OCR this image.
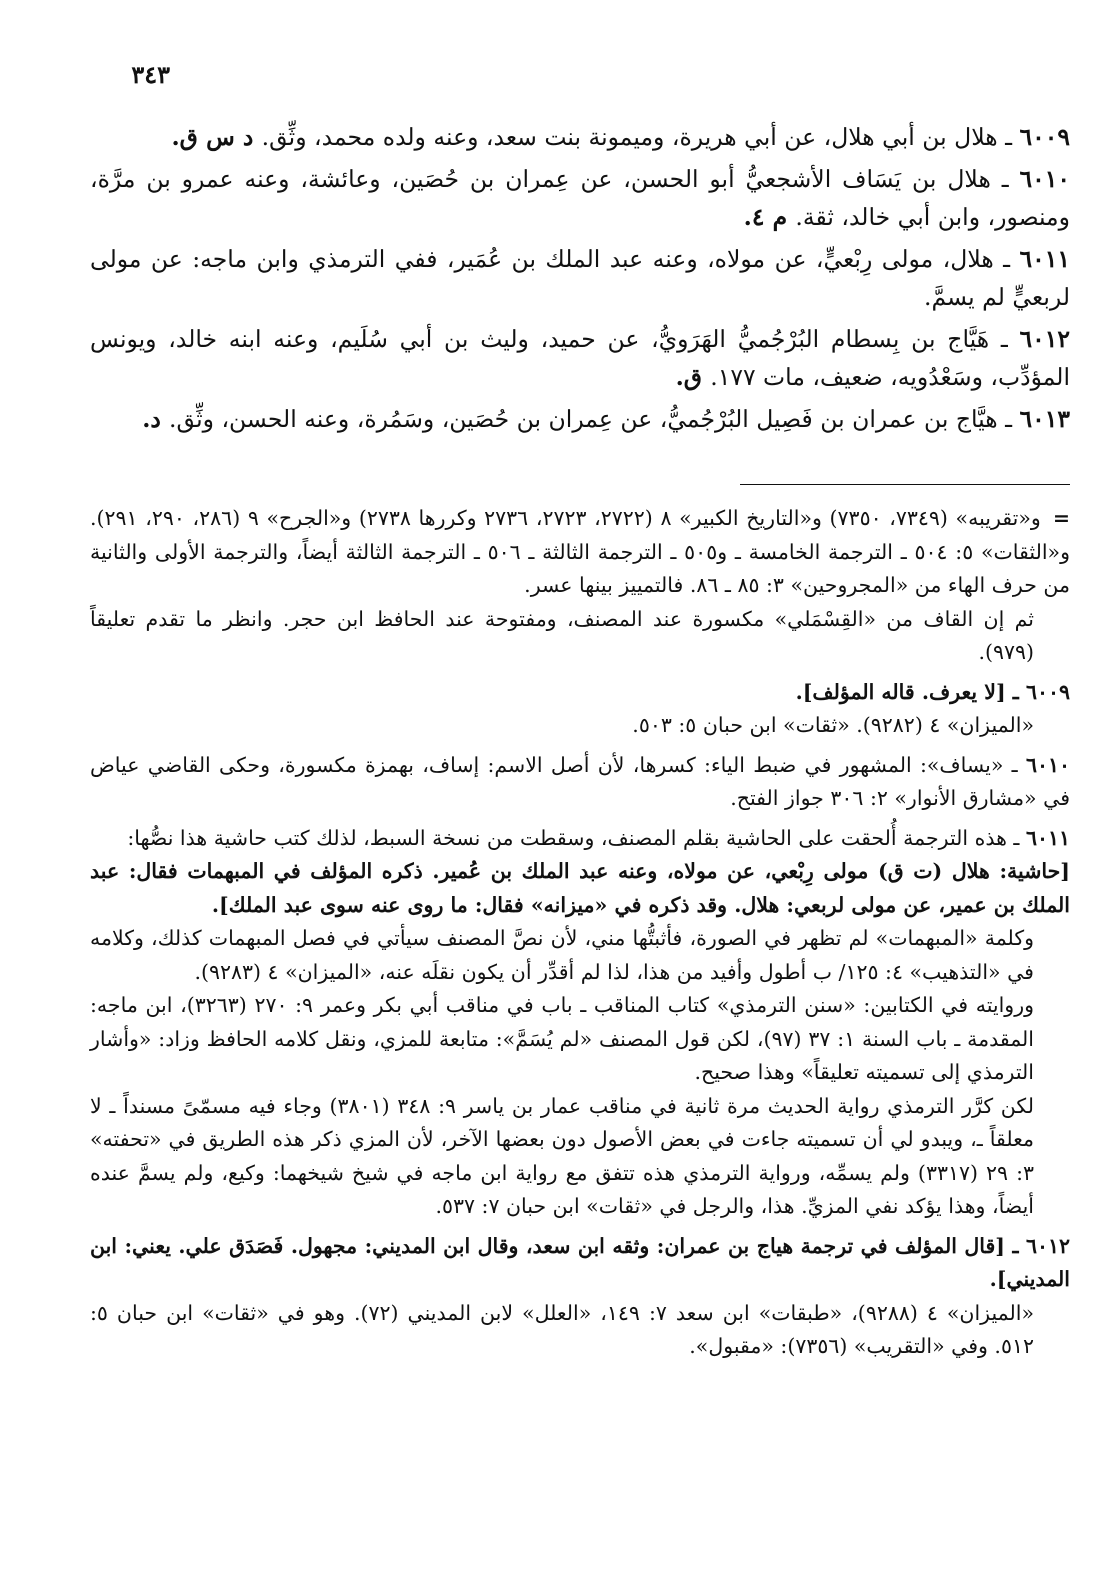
٣٤٣

٦٠٠٩ ـ هلال بن أبي هلال، عن أبي هريرة، وميمونة بنت سعد، وعنه ولده محمد، وثِّق. د س ق.

٦٠١٠ ـ هلال بن يَسَاف الأشجعيُّ أبو الحسن، عن عِمران بن حُصَين، وعائشة، وعنه عمرو بن مرَّة، ومنصور، وابن أبي خالد، ثقة. م ٤.

٦٠١١ ـ هلال، مولى رِبْعيٍّ، عن مولاه، وعنه عبد الملك بن عُمَير، ففي الترمذي وابن ماجه: عن مولى لربعيٍّ لم يسمَّ.

٦٠١٢ ـ هَيَّاج بن بِسطام البُرْجُميُّ الهَرَويُّ، عن حميد، وليث بن أبي سُلَيم، وعنه ابنه خالد، ويونس المؤدِّب، وسَعْدُويه، ضعيف، مات ١٧٧. ق.

٦٠١٣ ـ هيَّاج بن عمران بن فَصِيل البُرْجُميُّ، عن عِمران بن حُصَين، وسَمُرة، وعنه الحسن، وثِّق. د.

=و«تقريبه» (٧٣٤٩، ٧٣٥٠) و«التاريخ الكبير» ٨ (٢٧٢٢، ٢٧٢٣، ٢٧٣٦ وكررها ٢٧٣٨) و«الجرح» ٩ (٢٨٦، ٢٩٠، ٢٩١). و«الثقات» ٥: ٥٠٤ ـ الترجمة الخامسة ـ و٥٠٥ ـ الترجمة الثالثة ـ ٥٠٦ ـ الترجمة الثالثة أيضاً، والترجمة الأولى والثانية من حرف الهاء من «المجروحين» ٣: ٨٥ ـ ٨٦. فالتمييز بينها عسر.

ثم إن القاف من «القِسْمَلي» مكسورة عند المصنف، ومفتوحة عند الحافظ ابن حجر. وانظر ما تقدم تعليقاً (٩٧٩).

٦٠٠٩ ـ [لا يعرف. قاله المؤلف].

«الميزان» ٤ (٩٢٨٢). «ثقات» ابن حبان ٥: ٥٠٣.

٦٠١٠ ـ «يساف»: المشهور في ضبط الياء: كسرها، لأن أصل الاسم: إساف، بهمزة مكسورة، وحكى القاضي عياض في «مشارق الأنوار» ٢: ٣٠٦ جواز الفتح.

٦٠١١ ـ هذه الترجمة أُلحقت على الحاشية بقلم المصنف، وسقطت من نسخة السبط، لذلك كتب حاشية هذا نصُّها:

[حاشية: هلال (ت ق) مولى رِبْعي، عن مولاه، وعنه عبد الملك بن عُمير. ذكره المؤلف في المبهمات فقال: عبد الملك بن عمير، عن مولى لربعي: هلال. وقد ذكره في «ميزانه» فقال: ما روى عنه سوى عبد الملك].

وكلمة «المبهمات» لم تظهر في الصورة، فأثبتُّها مني، لأن نصَّ المصنف سيأتي في فصل المبهمات كذلك، وكلامه في «التذهيب» ٤: ١٢٥/ ب أطول وأفيد من هذا، لذا لم أقدِّر أن يكون نقلَه عنه، «الميزان» ٤ (٩٢٨٣).

وروايته في الكتابين: «سنن الترمذي» كتاب المناقب ـ باب في مناقب أبي بكر وعمر ٩: ٢٧٠ (٣٢٦٣)، ابن ماجه: المقدمة ـ باب السنة ١: ٣٧ (٩٧)، لكن قول المصنف «لم يُسَمَّ»: متابعة للمزي، ونقل كلامه الحافظ وزاد: «وأشار الترمذي إلى تسميته تعليقاً» وهذا صحيح.

لكن كرَّر الترمذي رواية الحديث مرة ثانية في مناقب عمار بن ياسر ٩: ٣٤٨ (٣٨٠١) وجاء فيه مسمّىً مسنداً ـ لا معلقاً ـ، ويبدو لي أن تسميته جاءت في بعض الأصول دون بعضها الآخر، لأن المزي ذكر هذه الطريق في «تحفته» ٣: ٢٩ (٣٣١٧) ولم يسمِّه، ورواية الترمذي هذه تتفق مع رواية ابن ماجه في شيخ شيخهما: وكيع، ولم يسمَّ عنده أيضاً، وهذا يؤكد نفي المزيِّ. هذا، والرجل في «ثقات» ابن حبان ٧: ٥٣٧.

٦٠١٢ ـ [قال المؤلف في ترجمة هياج بن عمران: وثقه ابن سعد، وقال ابن المديني: مجهول. فَصَدَق علي. يعني: ابن المديني].

«الميزان» ٤ (٩٢٨٨)، «طبقات» ابن سعد ٧: ١٤٩، «العلل» لابن المديني (٧٢). وهو في «ثقات» ابن حبان ٥: ٥١٢. وفي «التقريب» (٧٣٥٦): «مقبول».
